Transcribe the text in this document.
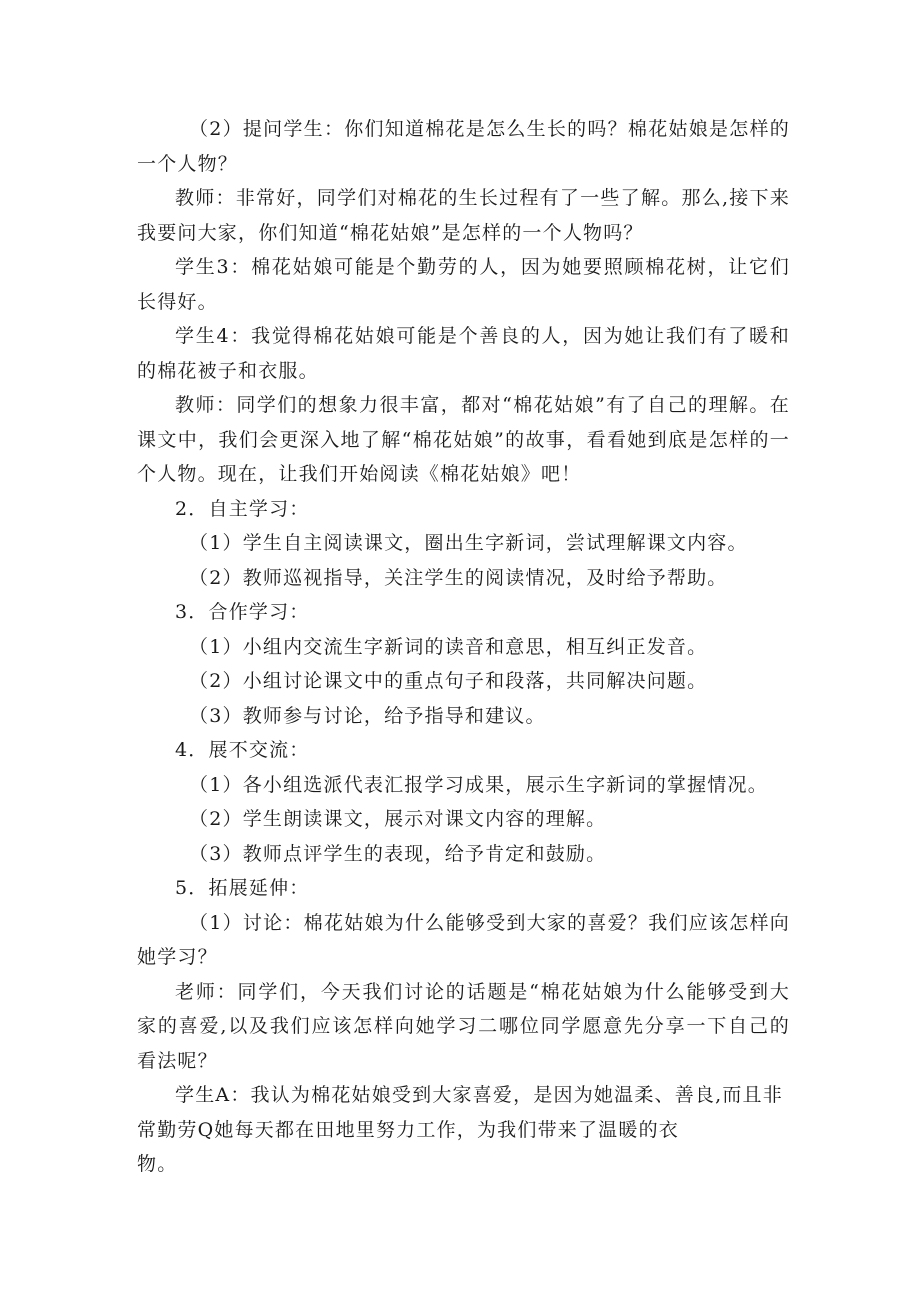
（2）提问学生：你们知道棉花是怎么生长的吗？棉花姑娘是怎样的一个人物？

教师：非常好，同学们对棉花的生长过程有了一些了解。那么,接下来我要问大家，你们知道“棉花姑娘”是怎样的一个人物吗？

学生3：棉花姑娘可能是个勤劳的人，因为她要照顾棉花树，让它们长得好。

学生4：我觉得棉花姑娘可能是个善良的人，因为她让我们有了暖和的棉花被子和衣服。

教师：同学们的想象力很丰富，都对“棉花姑娘”有了自己的理解。在课文中，我们会更深入地了解“棉花姑娘”的故事，看看她到底是怎样的一个人物。现在，让我们开始阅读《棉花姑娘》吧！

2．自主学习：

（1）学生自主阅读课文，圈出生字新词，尝试理解课文内容。

（2）教师巡视指导，关注学生的阅读情况，及时给予帮助。

3．合作学习：

（1）小组内交流生字新词的读音和意思，相互纠正发音。

（2）小组讨论课文中的重点句子和段落，共同解决问题。

（3）教师参与讨论，给予指导和建议。

4．展不交流：

（1）各小组选派代表汇报学习成果，展示生字新词的掌握情况。

（2）学生朗读课文，展示对课文内容的理解。

（3）教师点评学生的表现，给予肯定和鼓励。

5．拓展延伸：

（1）讨论：棉花姑娘为什么能够受到大家的喜爱？我们应该怎样向她学习？

老师：同学们，今天我们讨论的话题是“棉花姑娘为什么能够受到大家的喜爱,以及我们应该怎样向她学习二哪位同学愿意先分享一下自己的看法呢？

学生A：我认为棉花姑娘受到大家喜爱，是因为她温柔、善良,而且非常勤劳Q她每天都在田地里努力工作，为我们带来了温暖的衣

物。
